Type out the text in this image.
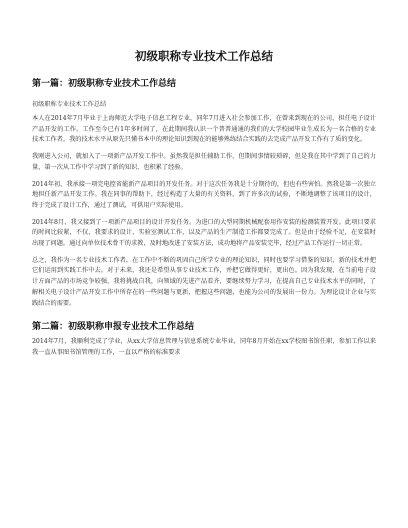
初级职称专业技术工作总结
第一篇：初级职称专业技术工作总结
初级职称专业技术工作总结

本人在2014年7月毕业于上海师范大学电子信息工程专业，同年7月进入社会参加工作，在曾来到现在的公司，担任电子设计产品开发的工作。工作至今已有1年多时间了，在此期间我认识一个普普通通的我们的大学校园毕业生成长为一名合格的专业技术工作者。我的技术水平从原先只懂书本中的理论知识到现在的能够熟练结合实践的去完成产品开发工作有了质的变化。

我刚进入公司，就加入了一项新产品开发工作中。虽然我是担任辅助工作，但期间事情较琐碎，但是我在其中学到了自己的力量，第一次从工作中学习到了新的知识，也积累了经验。

2014年初，我承接一项完电控省能新产品项目的开发任务。对于这次任务我是十分期待的，但也有些害怕。然我是第一次独立地担任新产品开发工作。我在同事的帮助下，经过构造了大量的有关资料，到了许多次的试验，不断地调整了该项目的设计，终于完成了设计工作，通过了测试，可供用户实际使用。

2014年8月，我又接到了一项新产品项目的设计开发任务。为进口的大型同期机械配套用作安装的检测装置开发。此项目要求的时间比较紧，不仅，我要求的设计、实验室测试工作，以及产品的生产制造工作都要完成了。但是由于经验不足，在安装时出现了问题。通过向单位技术骨干的求教，及时地改进了安装方法，成功地将产品安装完毕，经过产品工作运行一切正常。

总之，我作为一名专业技术工作者，在工作中不断的巩固自己所学专业的理论知识，同时也要学习借鉴的知识，新的技术并把它们运用到实践工作中去。对于未来，我还是希望从事专业技术工作，并把它做得更好，更出色。因为我发现，在当前电子设计方面产品的市场竞争较强，我将挑战自我，向领域的先进产品看齐，要继续努力学习，在提高自己专业技术水平的同时，了解相关电子设计产品开发工作中所存在的一些问题与更新，把握这些问题，也能为公司的发展出一份力。为理论设计企业与实践结合的需要。

第二篇：初级职称申报专业技术工作总结

2014年7月，我顺利完成了学业，从xx大学信息管理与信息系统专业毕业，同年8月开始在xx学校图书馆任职，参加工作以来我一直从事图书馆管理的工作，一直以严格的标准要求
